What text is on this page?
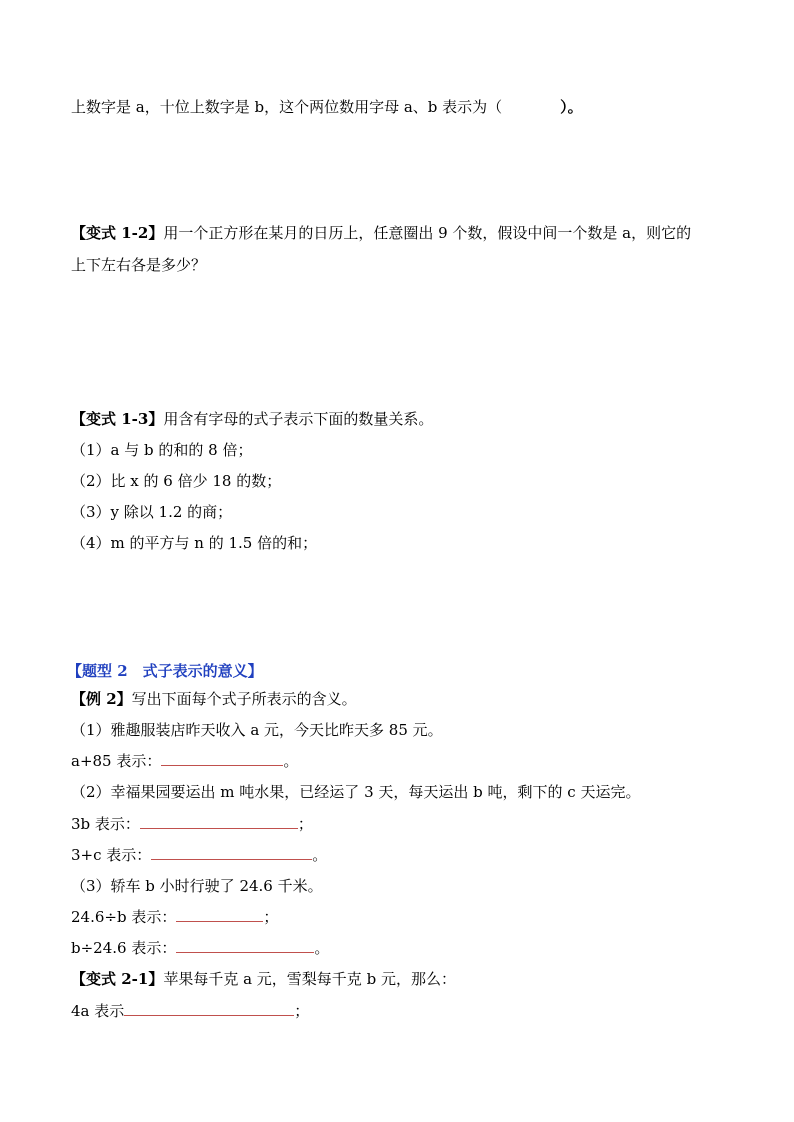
上数字是 a，十位上数字是 b，这个两位数用字母 a、b 表示为（	）。
【变式 1-2】用一个正方形在某月的日历上，任意圈出 9 个数，假设中间一个数是 a，则它的
上下左右各是多少？
【变式 1-3】用含有字母的式子表示下面的数量关系。
（1）a 与 b 的和的 8 倍；
（2）比 x 的 6 倍少 18 的数；
（3）y 除以 1.2 的商；
（4）m 的平方与 n 的 1.5 倍的和；
【题型 2　式子表示的意义】
【例 2】写出下面每个式子所表示的含义。
（1）雅趣服装店昨天收入 a 元，今天比昨天多 85 元。
a+85 表示：	。
（2）幸福果园要运出 m 吨水果，已经运了 3 天，每天运出 b 吨，剩下的 c 天运完。
3b 表示：	；
3+c 表示：	。
（3）轿车 b 小时行驶了 24.6 千米。
24.6÷b 表示：	；
b÷24.6 表示：	。
【变式 2-1】苹果每千克 a 元，雪梨每千克 b 元，那么：
4a 表示	；
